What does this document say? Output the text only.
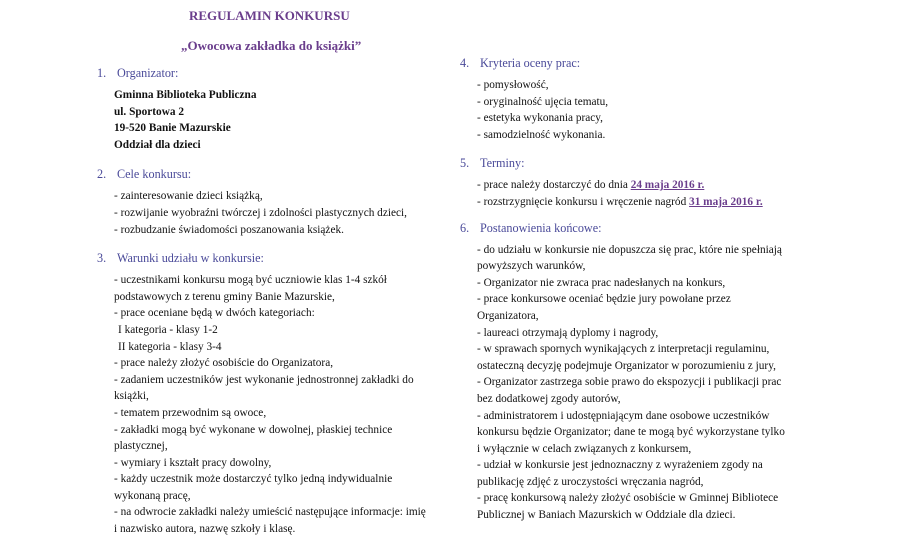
REGULAMIN KONKURSU
„Owocowa zakładka do książki”
1. Organizator:
Gminna Biblioteka Publiczna
ul. Sportowa 2
19-520 Banie Mazurskie
Oddział dla dzieci
2. Cele konkursu:
- zainteresowanie dzieci książką,
- rozwijanie wyobraźni twórczej i zdolności plastycznych dzieci,
- rozbudzanie świadomości poszanowania książek.
3. Warunki udziału w konkursie:
- uczestnikami konkursu mogą być uczniowie klas 1-4 szkół
podstawowych z terenu gminy Banie Mazurskie,
- prace oceniane będą w dwóch kategoriach:
I kategoria - klasy 1-2
II kategoria - klasy 3-4
- prace należy złożyć osobiście do Organizatora,
- zadaniem uczestników jest wykonanie jednostronnej zakładki do
książki,
- tematem przewodnim są owoce,
- zakładki mogą być wykonane w dowolnej, płaskiej technice
plastycznej,
- wymiary i kształt pracy dowolny,
- każdy uczestnik może dostarczyć tylko jedną indywidualnie
wykonaną pracę,
- na odwrocie zakładki należy umieścić następujące informacje: imię
i nazwisko autora, nazwę szkoły i klasę.
4. Kryteria oceny prac:
- pomysłowość,
- oryginalność ujęcia tematu,
- estetyka wykonania pracy,
- samodzielność wykonania.
5. Terminy:
- prace należy dostarczyć do dnia 24 maja 2016 r.
- rozstrzygnięcie konkursu i wręczenie nagród 31 maja 2016 r.
6. Postanowienia końcowe:
- do udziału w konkursie nie dopuszcza się prac, które nie spełniają
powyższych warunków,
- Organizator nie zwraca prac nadesłanych na konkurs,
- prace konkursowe oceniać będzie jury powołane przez
Organizatora,
- laureaci otrzymają dyplomy i nagrody,
- w sprawach spornych wynikających z interpretacji regulaminu,
ostateczną decyzję podejmuje Organizator w porozumieniu z jury,
- Organizator zastrzega sobie prawo do ekspozycji i publikacji prac
bez dodatkowej zgody autorów,
- administratorem i udostępniającym dane osobowe uczestników
konkursu będzie Organizator; dane te mogą być wykorzystane tylko
i wyłącznie w celach związanych z konkursem,
- udział w konkursie jest jednoznaczny z wyrażeniem zgody na
publikację zdjęć z uroczystości wręczania nagród,
- pracę konkursową należy złożyć osobiście w Gminnej Bibliotece
Publicznej w Baniach Mazurskich w Oddziale dla dzieci.
